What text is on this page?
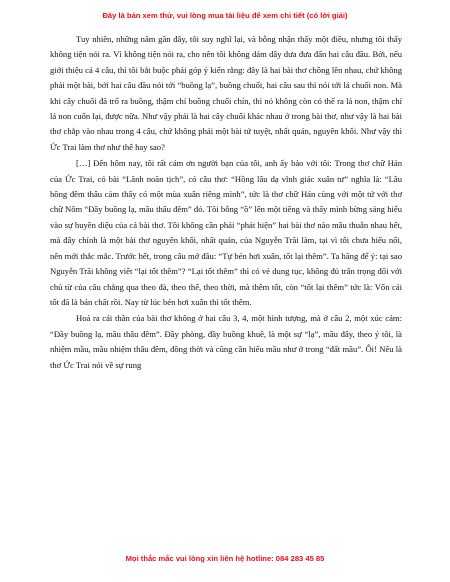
Đây là bản xem thử, vui lòng mua tài liệu để xem chi tiết (có lời giải)

Tuy nhiên, những năm gần đây, tôi suy nghĩ lại, và bỗng nhận thấy một điều, nhưng tôi thấy không tiện nói ra. Vì không tiện nói ra, cho nên tôi không dám dây dưa đưa đẩn hai câu đầu. Bởi, nếu giới thiệu cả 4 câu, thì tôi bắt buộc phải góp ý kiến rằng: đây là hai bài thơ chồng lên nhau, chứ không phải một bài, bởi hai câu đầu nói tới “buồng lạ”, buồng chuối, hai câu sau thì nói tới lá chuối non. Mà khi cây chuối đã trổ ra buồng, thậm chí buồng chuối chín, thì nó không còn có thể ra lá non, thậm chí lá non cuốn lại, được nữa. Như vậy phải là hai cây chuối khác nhau ở trong bài thơ, như vậy là hai bài thơ chắp vào nhau trong 4 câu, chứ không phải một bài tứ tuyệt, nhất quán, nguyên khối. Như vậy thì Ức Trai làm thơ như thế hay sao?

[…] Đến hôm nay, tôi rất cảm ơn người bạn của tôi, anh ấy bảo với tôi: Trong thơ chữ Hán của Ức Trai, có bài “Lãnh noãn tịch”, có câu thơ: “Hồng lâu dạ vĩnh giác xuân tư” nghĩa là: “Lầu hồng đêm thâu cảm thấy có một mùa xuân riêng mình”, tức là thơ chữ Hán cùng với một tứ với thơ chữ Nôm “Đầy buồng lạ, mầu thâu đêm” đó. Tôi bỗng “ồ” lên một tiếng và thấy mình bừng sáng hiểu vào sự huyền diệu của cả bài thơ. Tôi không cần phải “phát hiện” hai bài thơ nào mâu thuẫn nhau hết, mà đây chính là một bài thơ nguyên khối, nhất quán, của Nguyễn Trãi làm, tại vì tôi chưa hiểu nổi, nên mới thắc mắc. Trước hết, trong câu mở đầu: “Tự bén hơi xuân, tốt lại thêm”. Ta hãng để ý: tại sao Nguyễn Trãi không viết “lại tốt thêm”? “Lại tốt thêm” thì có vẻ dung tục, không đủ trân trọng đối với chủ từ của câu chẳng qua theo đà, theo thế, theo thời, mà thêm tốt, còn “tốt lại thêm” tức là: Vốn cái tốt đã là bản chất rồi. Nay từ lúc bén hơi xuân thì tốt thêm.

Hoá ra cái thần của bài thơ không ở hai câu 3, 4, một hình tượng, mà ở câu 2, một xúc cảm: “Đầy buồng lạ, mầu thâu đêm”. Đầy phòng, đầy buồng khuê, là một sự “lạ”, mầu đây, theo ý tôi, là nhiệm mầu, mầu nhiệm thâu đêm, đồng thời và cũng cần hiểu mầu như ở trong “đất mầu”. Ôi! Nếu là thơ Ức Trai nói về sự rung

Mọi thắc mắc vui lòng xin liên hệ hotline: 084 283 45 85
